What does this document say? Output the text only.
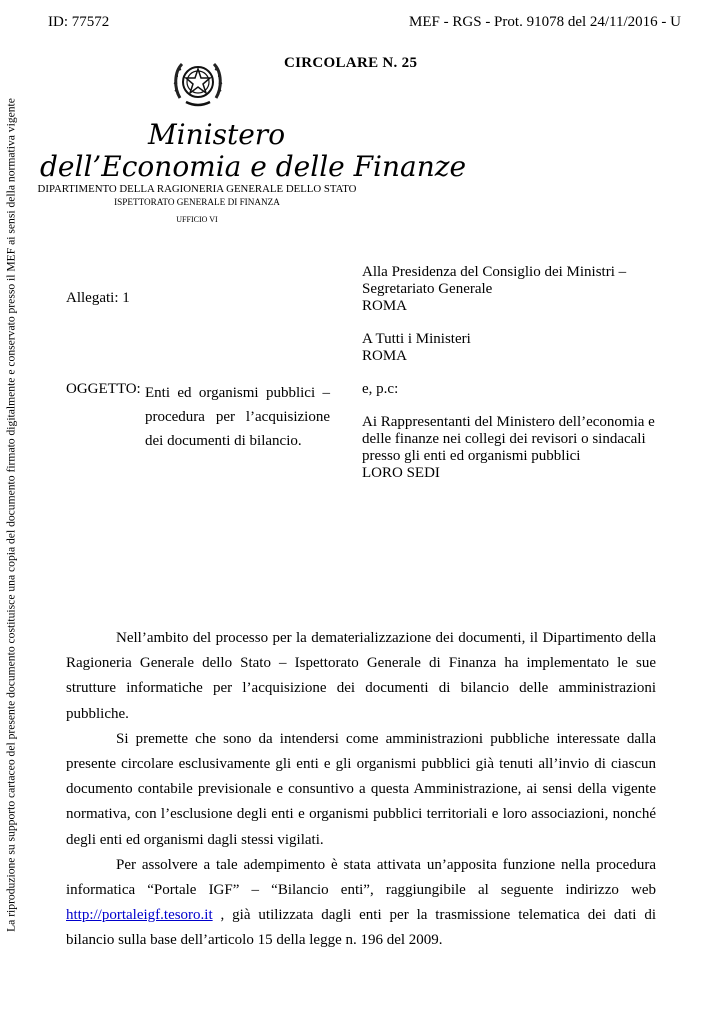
ID: 77572	MEF - RGS - Prot. 91078 del 24/11/2016 - U
La riproduzione su supporto cartaceo del presente documento costituisce una copia del documento firmato digitalmente e conservato presso il MEF ai sensi della normativa vigente
CIRCOLARE N. 25
Ministero
dell’Economia e delle Finanze
DIPARTIMENTO DELLA RAGIONERIA GENERALE DELLO STATO
ISPETTORATO GENERALE DI FINANZA
UFFICIO VI
Allegati: 1
Alla Presidenza del Consiglio dei Ministri –
Segretariato Generale
ROMA
A Tutti i Ministeri
ROMA
e, p.c:
Ai Rappresentanti del Ministero dell’economia e
delle finanze nei collegi dei revisori o sindacali
presso gli enti ed organismi pubblici
LORO SEDI
OGGETTO: Enti ed organismi pubblici – procedura per l’acquisizione dei documenti di bilancio.

Nell’ambito del processo per la dematerializzazione dei documenti, il Dipartimento della Ragioneria Generale dello Stato – Ispettorato Generale di Finanza ha implementato le sue strutture informatiche per l’acquisizione dei documenti di bilancio delle amministrazioni pubbliche.

Si premette che sono da intendersi come amministrazioni pubbliche interessate dalla presente circolare esclusivamente gli enti e gli organismi pubblici già tenuti all’invio di ciascun documento contabile previsionale e consuntivo a questa Amministrazione, ai sensi della vigente normativa, con l’esclusione degli enti e organismi pubblici territoriali e loro associazioni, nonché degli enti ed organismi dagli stessi vigilati.

Per assolvere a tale adempimento è stata attivata un’apposita funzione nella procedura informatica “Portale IGF” – “Bilancio enti”, raggiungibile al seguente indirizzo web http://portaleigf.tesoro.it , già utilizzata dagli enti per la trasmissione telematica dei dati di bilancio sulla base dell’articolo 15 della legge n. 196 del 2009.
